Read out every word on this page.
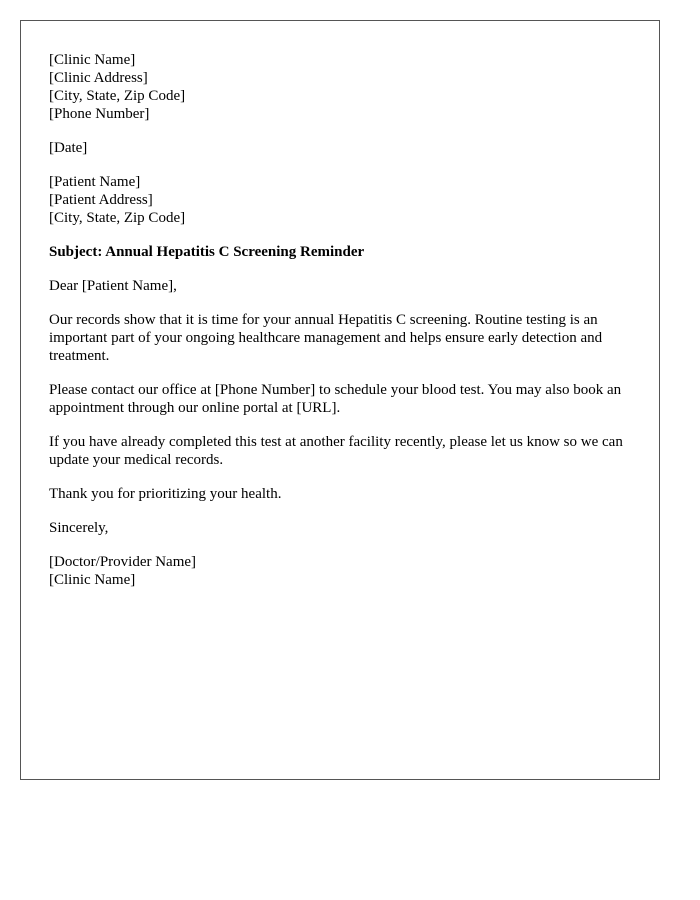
[Clinic Name]
[Clinic Address]
[City, State, Zip Code]
[Phone Number]
[Date]
[Patient Name]
[Patient Address]
[City, State, Zip Code]
Subject: Annual Hepatitis C Screening Reminder

Dear [Patient Name],

Our records show that it is time for your annual Hepatitis C screening. Routine testing is an important part of your ongoing healthcare management and helps ensure early detection and treatment.

Please contact our office at [Phone Number] to schedule your blood test. You may also book an appointment through our online portal at [URL].

If you have already completed this test at another facility recently, please let us know so we can update your medical records.

Thank you for prioritizing your health.

Sincerely,

[Doctor/Provider Name]
[Clinic Name]
